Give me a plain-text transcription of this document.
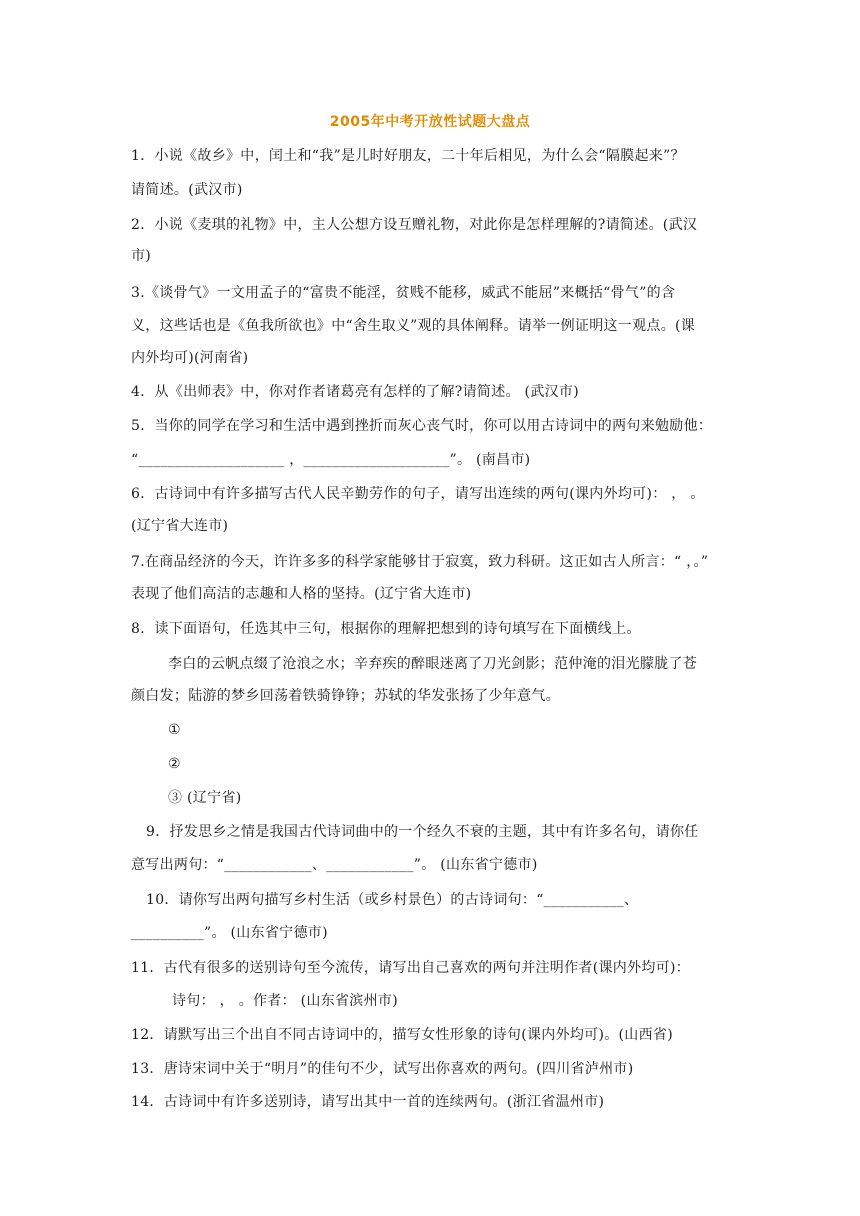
2005年中考开放性试题大盘点
1．小说《故乡》中，闰土和“我”是儿时好朋友，二十年后相见，为什么会“隔膜起来”？
请简述。(武汉市)
2．小说《麦琪的礼物》中，主人公想方设互赠礼物，对此你是怎样理解的?请简述。(武汉
市)
3.《谈骨气》一文用孟子的“富贵不能淫，贫贱不能移，威武不能屈”来概括“骨气”的含
义，这些话也是《鱼我所欲也》中“舍生取义”观的具体阐释。请举一例证明这一观点。(课
内外均可)(河南省)
4．从《出师表》中，你对作者诸葛亮有怎样的了解?请简述。 (武汉市)
5．当你的同学在学习和生活中遇到挫折而灰心丧气时，你可以用古诗词中的两句来勉励他：
“____________________ ，____________________”。 (南昌市)
6．古诗词中有许多描写古代人民辛勤劳作的句子，请写出连续的两句(课内外均可)： ， 。
(辽宁省大连市)
7.在商品经济的今天，许许多多的科学家能够甘于寂寞，致力科研。这正如古人所言：“ ，。”
表现了他们高洁的志趣和人格的坚持。(辽宁省大连市)
8．读下面语句，任选其中三句，根据你的理解把想到的诗句填写在下面横线上。
李白的云帆点缀了沧浪之水；辛弃疾的醉眼迷离了刀光剑影；范仲淹的泪光朦胧了苍
颜白发；陆游的梦乡回荡着铁骑铮铮；苏轼的华发张扬了少年意气。
①
②
③ (辽宁省)
9．抒发思乡之情是我国古代诗词曲中的一个经久不衰的主题，其中有许多名句，请你任
意写出两句：“____________、____________”。 (山东省宁德市)
10．请你写出两句描写乡村生活（或乡村景色）的古诗词句：“___________、
__________”。 (山东省宁德市)
11．古代有很多的送别诗句至今流传，请写出自己喜欢的两句并注明作者(课内外均可)：
诗句： ， 。作者： (山东省滨州市)
12．请默写出三个出自不同古诗词中的，描写女性形象的诗句(课内外均可)。(山西省)
13．唐诗宋词中关于“明月”的佳句不少，试写出你喜欢的两句。(四川省泸州市)
14．古诗词中有许多送别诗，请写出其中一首的连续两句。(浙江省温州市)
